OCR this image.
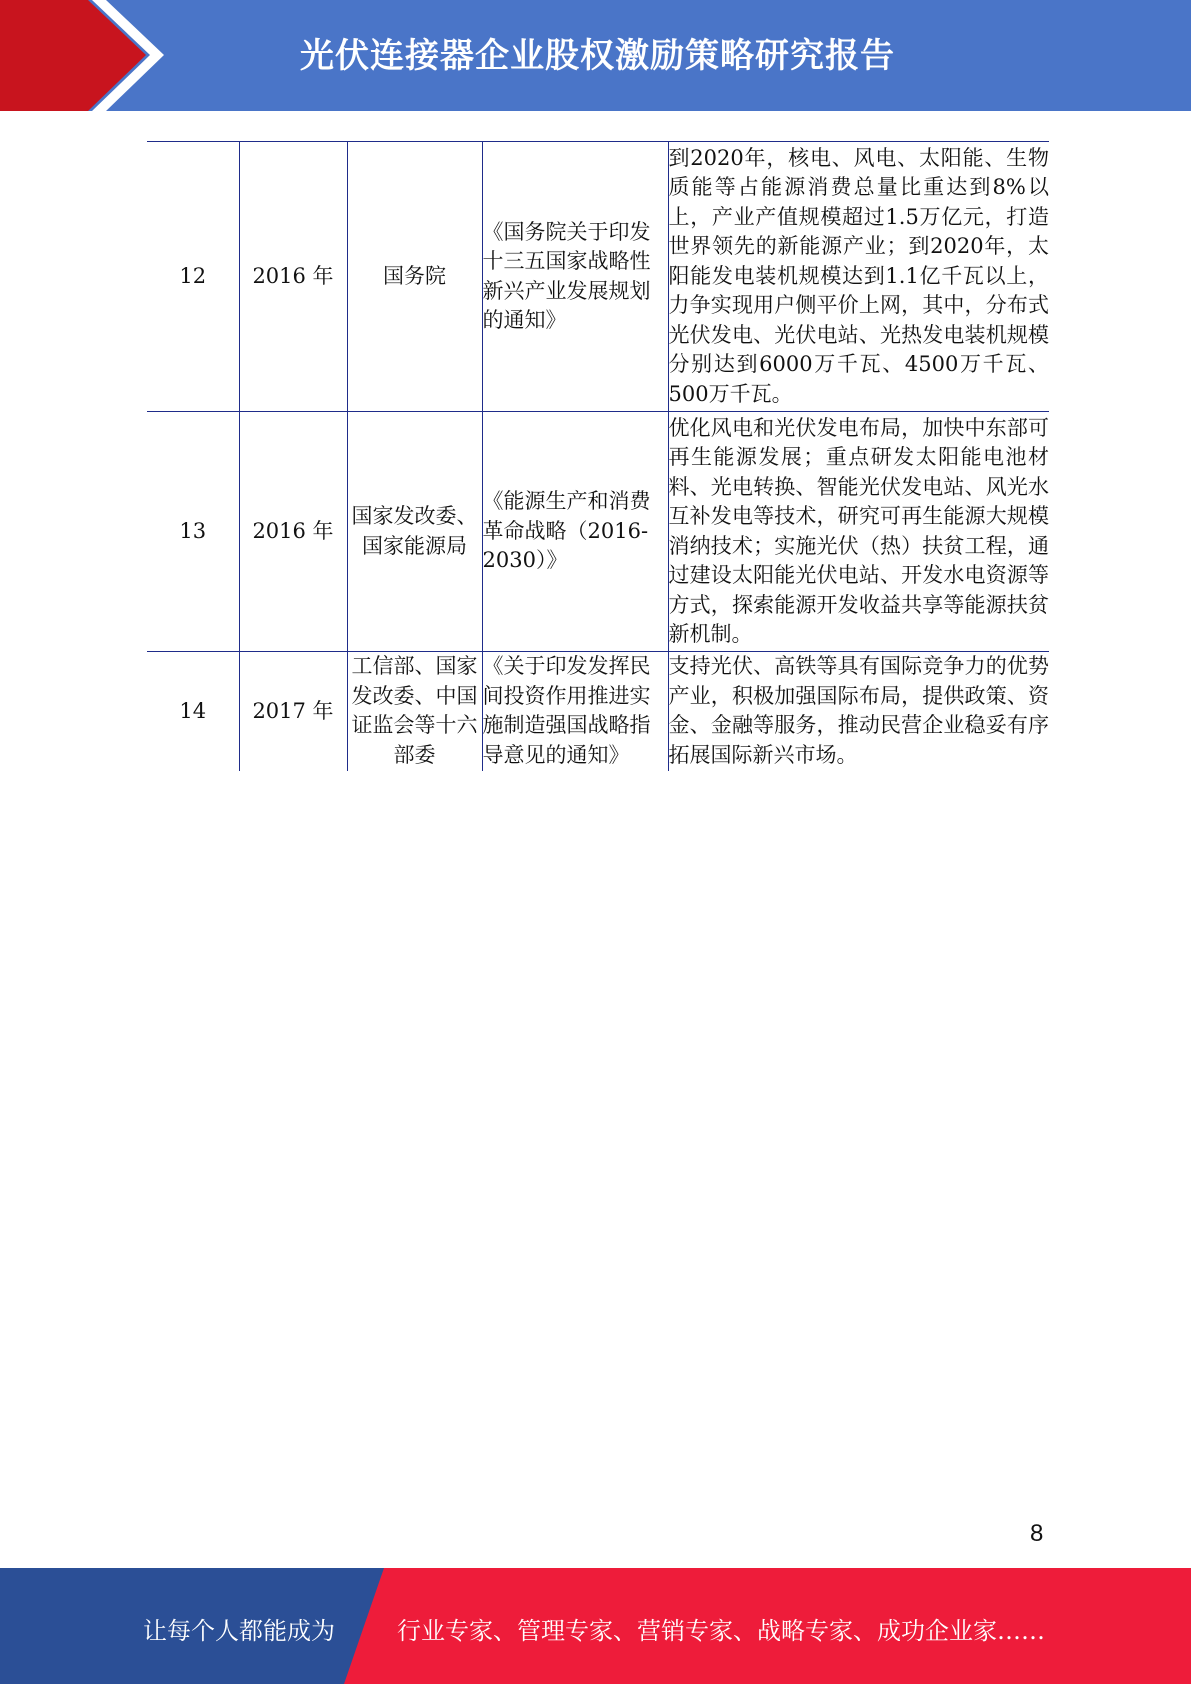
光伏连接器企业股权激励策略研究报告
12	2016 年	国务院	《国务院关于印发十三五国家战略性新兴产业发展规划的通知》	到2020年，核电、风电、太阳能、生物质能等占能源消费总量比重达到8%以上，产业产值规模超过1.5万亿元，打造世界领先的新能源产业；到2020年，太阳能发电装机规模达到1.1亿千瓦以上，力争实现用户侧平价上网，其中，分布式光伏发电、光伏电站、光热发电装机规模分别达到6000万千瓦、4500万千瓦、500万千瓦。
13	2016 年	国家发改委、国家能源局	《能源生产和消费革命战略（2016-2030）》	优化风电和光伏发电布局，加快中东部可再生能源发展；重点研发太阳能电池材料、光电转换、智能光伏发电站、风光水互补发电等技术，研究可再生能源大规模消纳技术；实施光伏（热）扶贫工程，通过建设太阳能光伏电站、开发水电资源等方式，探索能源开发收益共享等能源扶贫新机制。
14	2017 年	工信部、国家发改委、中国证监会等十六部委	《关于印发发挥民间投资作用推进实施制造强国战略指导意见的通知》	支持光伏、高铁等具有国际竞争力的优势产业，积极加强国际布局，提供政策、资金、金融等服务，推动民营企业稳妥有序拓展国际新兴市场。
8
让每个人都能成为	行业专家、管理专家、营销专家、战略专家、成功企业家……
